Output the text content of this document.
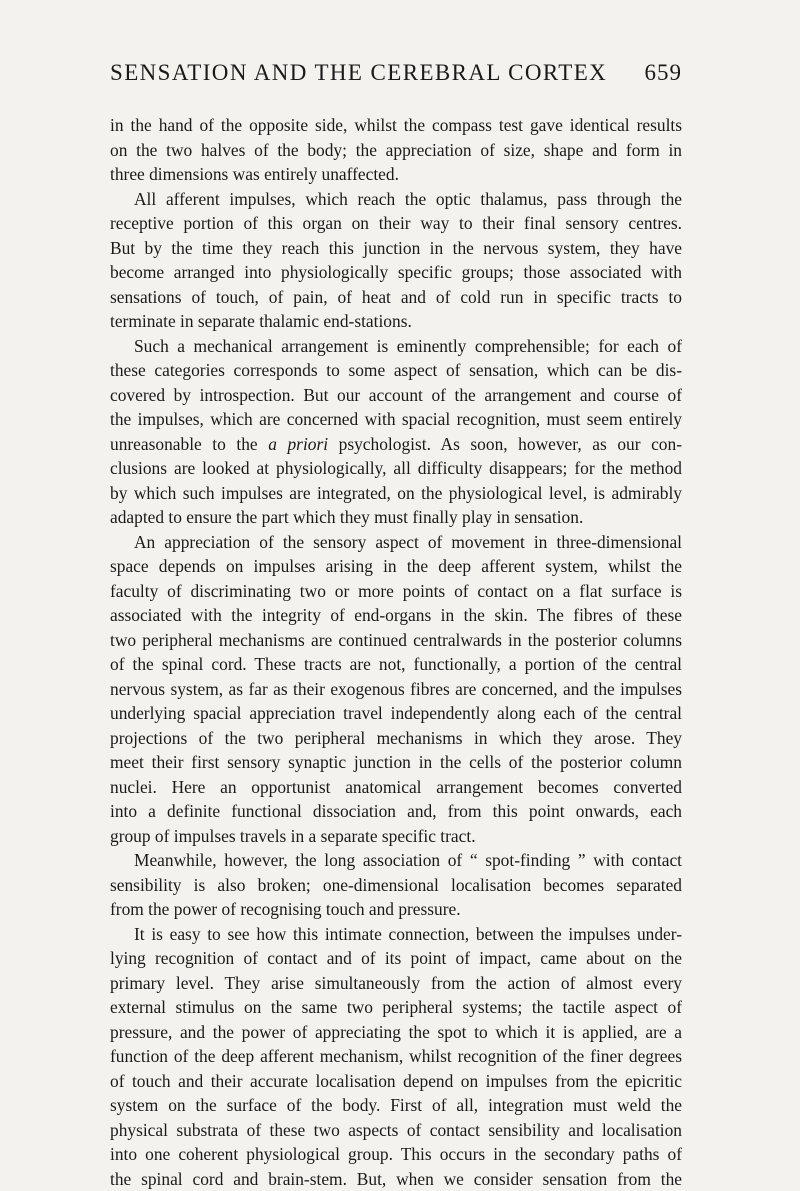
SENSATION AND THE CEREBRAL CORTEX 659
in the hand of the opposite side, whilst the compass test gave identical results
on the two halves of the body; the appreciation of size, shape and form in
three dimensions was entirely unaffected.
All afferent impulses, which reach the optic thalamus, pass through the
receptive portion of this organ on their way to their final sensory centres.
But by the time they reach this junction in the nervous system, they have
become arranged into physiologically specific groups; those associated with
sensations of touch, of pain, of heat and of cold run in specific tracts to
terminate in separate thalamic end-stations.
Such a mechanical arrangement is eminently comprehensible; for each of
these categories corresponds to some aspect of sensation, which can be dis-
covered by introspection. But our account of the arrangement and course of
the impulses, which are concerned with spacial recognition, must seem entirely
unreasonable to the a priori psychologist. As soon, however, as our con-
clusions are looked at physiologically, all difficulty disappears; for the method
by which such impulses are integrated, on the physiological level, is admirably
adapted to ensure the part which they must finally play in sensation.
An appreciation of the sensory aspect of movement in three-dimensional
space depends on impulses arising in the deep afferent system, whilst the
faculty of discriminating two or more points of contact on a flat surface is
associated with the integrity of end-organs in the skin. The fibres of these
two peripheral mechanisms are continued centralwards in the posterior columns
of the spinal cord. These tracts are not, functionally, a portion of the central
nervous system, as far as their exogenous fibres are concerned, and the impulses
underlying spacial appreciation travel independently along each of the central
projections of the two peripheral mechanisms in which they arose. They
meet their first sensory synaptic junction in the cells of the posterior column
nuclei. Here an opportunist anatomical arrangement becomes converted
into a definite functional dissociation and, from this point onwards, each
group of impulses travels in a separate specific tract.
Meanwhile, however, the long association of “ spot-finding ” with contact
sensibility is also broken; one-dimensional localisation becomes separated
from the power of recognising touch and pressure.
It is easy to see how this intimate connection, between the impulses under-
lying recognition of contact and of its point of impact, came about on the
primary level. They arise simultaneously from the action of almost every
external stimulus on the same two peripheral systems; the tactile aspect of
pressure, and the power of appreciating the spot to which it is applied, are a
function of the deep afferent mechanism, whilst recognition of the finer degrees
of touch and their accurate localisation depend on impulses from the epicritic
system on the surface of the body. First of all, integration must weld the
physical substrata of these two aspects of contact sensibility and localisation
into one coherent physiological group. This occurs in the secondary paths of
the spinal cord and brain-stem. But, when we consider sensation from the
